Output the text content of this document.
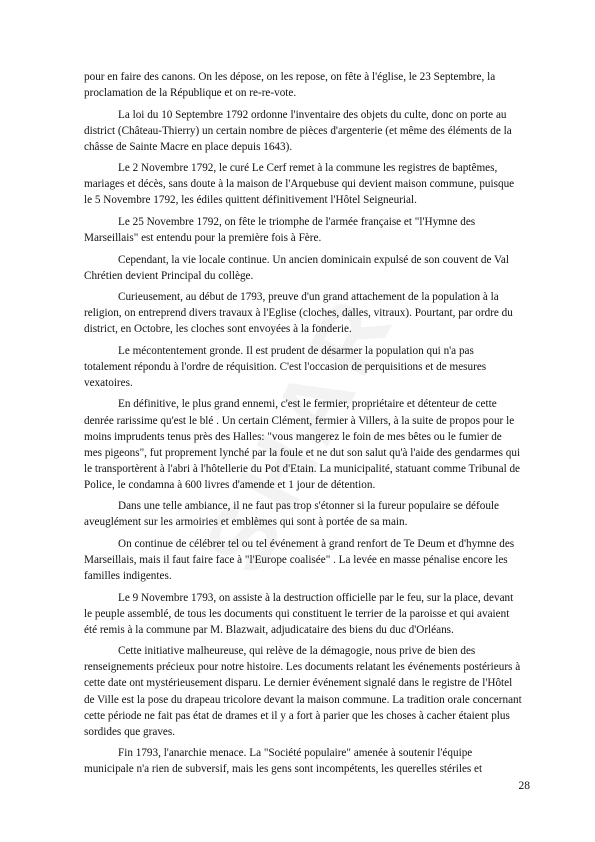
pour en faire des canons. On les dépose, on les repose, on fête à l'église, le 23 Septembre, la proclamation de la République et on re-re-vote.

La loi du 10 Septembre 1792 ordonne l'inventaire des objets du culte, donc on porte au district (Château-Thierry) un certain nombre de pièces d'argenterie (et même des éléments de la châsse de Sainte Macre en place depuis 1643).

Le 2 Novembre 1792, le curé Le Cerf remet à la commune les registres de baptêmes, mariages et décès, sans doute à la maison de l'Arquebuse qui devient maison commune, puisque le 5 Novembre 1792, les édiles quittent définitivement l'Hôtel Seigneurial.

Le 25 Novembre 1792, on fête le triomphe de l'armée française et "l'Hymne des Marseillais" est entendu pour la première fois à Fère.

Cependant, la vie locale continue. Un ancien dominicain expulsé de son couvent de Val Chrétien devient Principal du collège.

Curieusement, au début de 1793, preuve d'un grand attachement de la population à la religion, on entreprend divers travaux à l'Eglise (cloches, dalles, vitraux). Pourtant, par ordre du district, en Octobre, les cloches sont envoyées à la fonderie.

Le mécontentement gronde. Il est prudent de désarmer la population qui n'a pas totalement répondu à l'ordre de réquisition. C'est l'occasion de perquisitions et de mesures vexatoires.

En définitive, le plus grand ennemi, c'est le fermier, propriétaire et détenteur de cette denrée rarissime qu'est le blé . Un certain Clément, fermier à Villers, à la suite de propos pour le moins imprudents tenus près des Halles: "vous mangerez le foin de mes bêtes ou le fumier de mes pigeons", fut proprement lynché par la foule et ne dut son salut qu'à l'aide des gendarmes qui le transportèrent à l'abri à l'hôtellerie du Pot d'Etain. La municipalité, statuant comme Tribunal de Police, le condamna à 600 livres d'amende et 1 jour de détention.

Dans une telle ambiance, il ne faut pas trop s'étonner si la fureur populaire se défoule aveuglément sur les armoiries et emblèmes qui sont à portée de sa main.

On continue de célébrer tel ou tel événement à grand renfort de Te Deum et d'hymne des Marseillais, mais il faut faire face à "l'Europe coalisée" . La levée en masse pénalise encore les familles indigentes.

Le 9 Novembre 1793, on assiste à la destruction officielle par le feu, sur la place, devant le peuple assemblé, de tous les documents qui constituent le terrier de la paroisse et qui avaient été remis à la commune par M. Blazwait, adjudicataire des biens du duc d'Orléans.

Cette initiative malheureuse, qui relève de la démagogie, nous prive de bien des renseignements précieux pour notre histoire. Les documents relatant les événements postérieurs à cette date ont mystérieusement disparu. Le dernier événement signalé dans le registre de l'Hôtel de Ville est la pose du drapeau tricolore devant la maison commune. La tradition orale concernant cette période ne fait pas état de drames et il y a fort à parier que les choses à cacher étaient plus sordides que graves.

Fin 1793, l'anarchie menace. La "Société populaire" amenée à soutenir l'équipe municipale n'a rien de subversif, mais les gens sont incompétents, les querelles stériles et

28
